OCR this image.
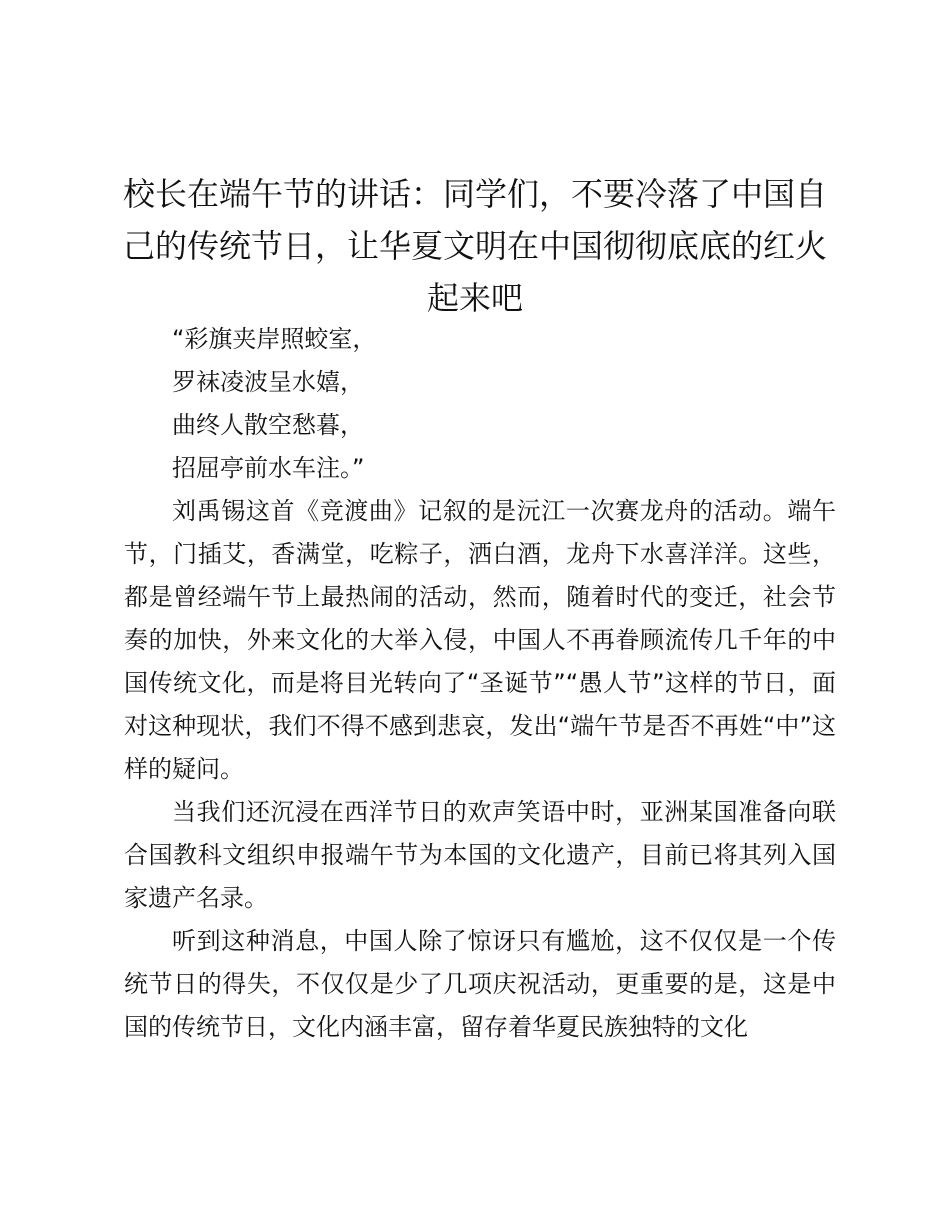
校长在端午节的讲话：同学们，不要冷落了中国自己的传统节日，让华夏文明在中国彻彻底底的红火起来吧

“彩旗夹岸照蛟室，

罗袜凌波呈水嬉，

曲终人散空愁暮，

招屈亭前水车注。”

刘禹锡这首《竞渡曲》记叙的是沅江一次赛龙舟的活动。端午节，门插艾，香满堂，吃粽子，洒白酒，龙舟下水喜洋洋。这些，都是曾经端午节上最热闹的活动，然而，随着时代的变迁，社会节奏的加快，外来文化的大举入侵，中国人不再眷顾流传几千年的中国传统文化，而是将目光转向了“圣诞节”“愚人节”这样的节日，面对这种现状，我们不得不感到悲哀，发出“端午节是否不再姓“中”这样的疑问。

当我们还沉浸在西洋节日的欢声笑语中时，亚洲某国准备向联合国教科文组织申报端午节为本国的文化遗产，目前已将其列入国家遗产名录。

听到这种消息，中国人除了惊讶只有尴尬，这不仅仅是一个传统节日的得失，不仅仅是少了几项庆祝活动，更重要的是，这是中国的传统节日，文化内涵丰富，留存着华夏民族独特的文化
